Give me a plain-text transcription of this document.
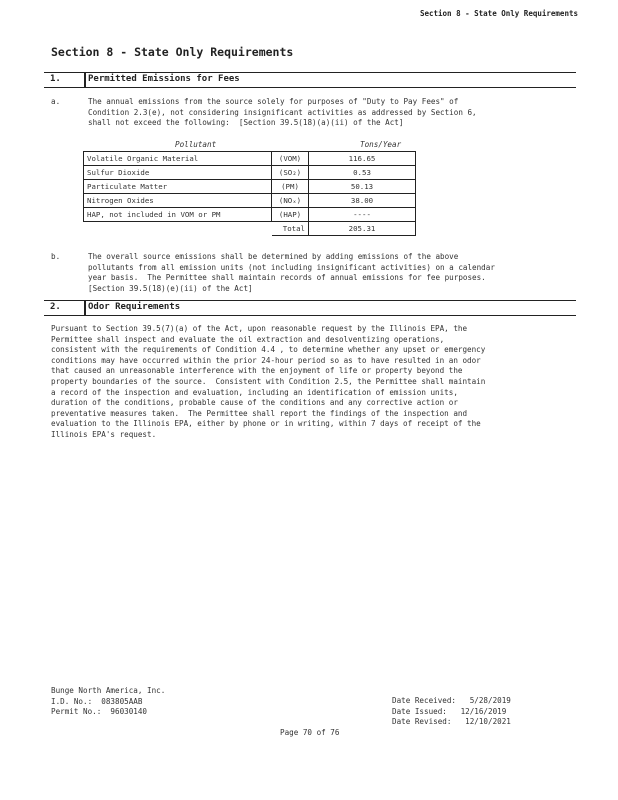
Section 8 - State Only Requirements
Section 8 - State Only Requirements
1.	Permitted Emissions for Fees
a.	The annual emissions from the source solely for purposes of "Duty to Pay Fees" of
Condition 2.3(e), not considering insignificant activities as addressed by Section 6,
shall not exceed the following:  [Section 39.5(18)(a)(ii) of the Act]
Pollutant	Tons/Year
Volatile Organic Material	(VOM)	116.65
Sulfur Dioxide	(SO₂)	0.53
Particulate Matter	(PM)	50.13
Nitrogen Oxides	(NOₓ)	38.00
HAP, not included in VOM or PM	(HAP)	----
	Total	205.31
b.	The overall source emissions shall be determined by adding emissions of the above
pollutants from all emission units (not including insignificant activities) on a calendar
year basis.  The Permittee shall maintain records of annual emissions for fee purposes.
[Section 39.5(18)(e)(ii) of the Act]
2.	Odor Requirements
Pursuant to Section 39.5(7)(a) of the Act, upon reasonable request by the Illinois EPA, the
Permittee shall inspect and evaluate the oil extraction and desolventizing operations,
consistent with the requirements of Condition 4.4 , to determine whether any upset or emergency
conditions may have occurred within the prior 24-hour period so as to have resulted in an odor
that caused an unreasonable interference with the enjoyment of life or property beyond the
property boundaries of the source.  Consistent with Condition 2.5, the Permittee shall maintain
a record of the inspection and evaluation, including an identification of emission units,
duration of the conditions, probable cause of the conditions and any corrective action or
preventative measures taken.  The Permittee shall report the findings of the inspection and
evaluation to the Illinois EPA, either by phone or in writing, within 7 days of receipt of the
Illinois EPA's request.
Bunge North America, Inc.
I.D. No.:  083805AAB
Permit No.:  96030140
Date Received:   5/28/2019
Date Issued:   12/16/2019
Date Revised:   12/10/2021
Page 70 of 76
